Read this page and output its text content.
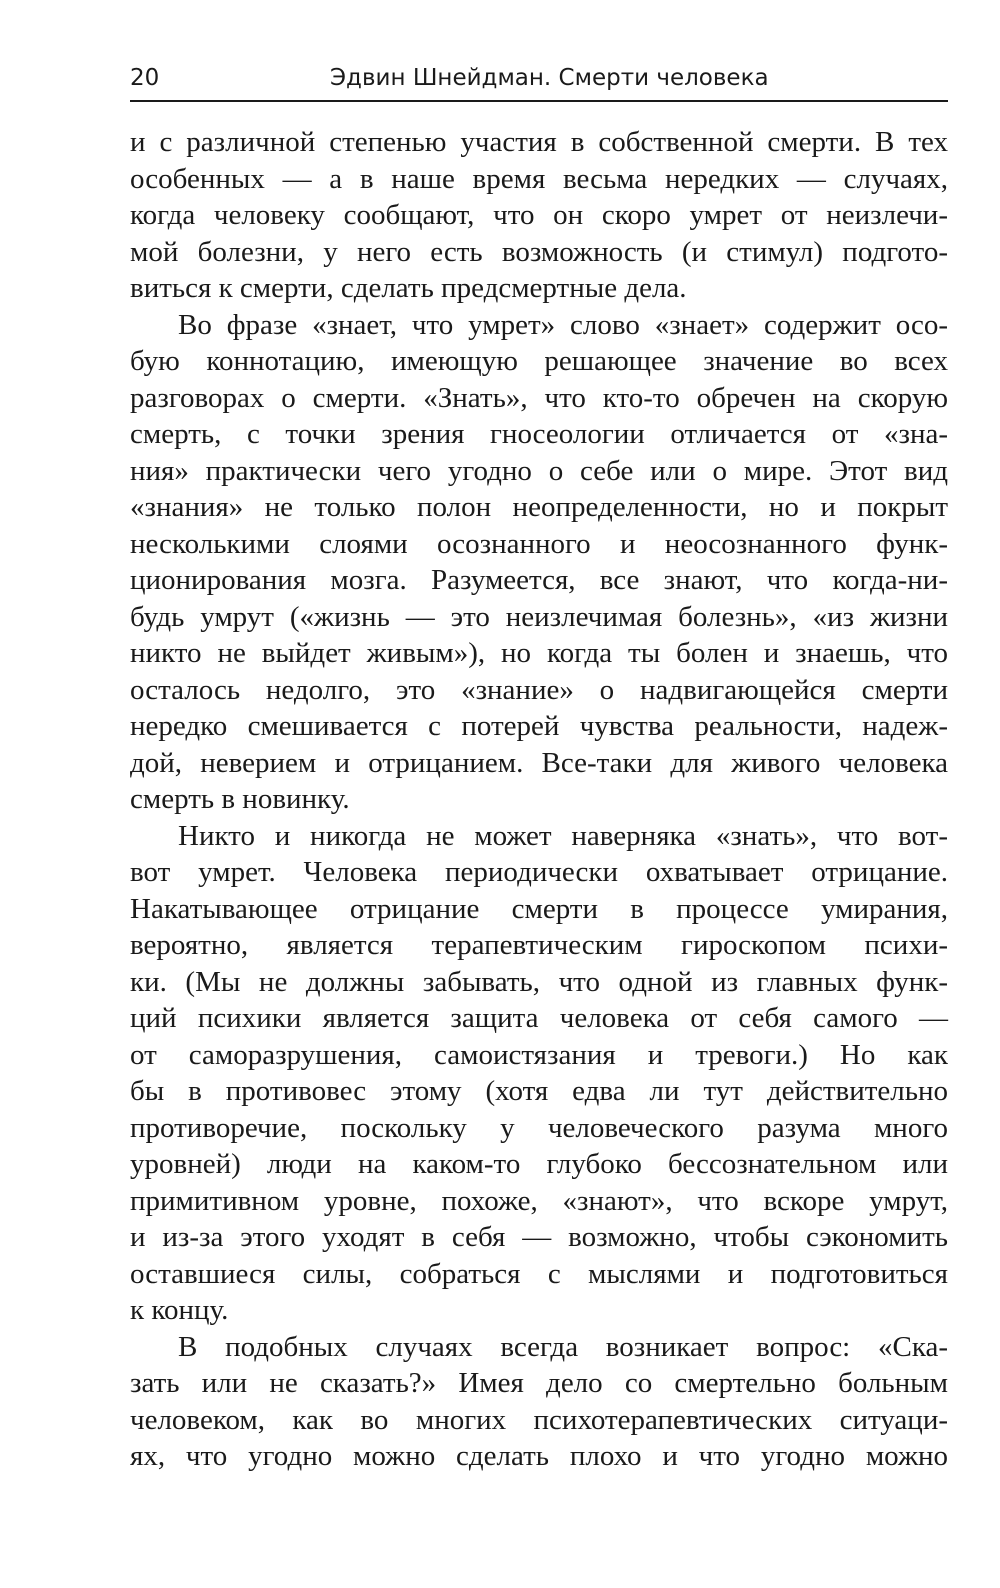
20	Эдвин Шнейдман. Смерти человека
и с различной степенью участия в собственной смерти. В тех
особенных — а в наше время весьма нередких — случаях,
когда человеку сообщают, что он скоро умрет от неизлечи-
мой болезни, у него есть возможность (и стимул) подгото-
виться к смерти, сделать предсмертные дела.
Во фразе «знает, что умрет» слово «знает» содержит осо-
бую коннотацию, имеющую решающее значение во всех
разговорах о смерти. «Знать», что кто-то обречен на скорую
смерть, с точки зрения гносеологии отличается от «зна-
ния» практически чего угодно о себе или о мире. Этот вид
«знания» не только полон неопределенности, но и покрыт
несколькими слоями осознанного и неосознанного функ-
ционирования мозга. Разумеется, все знают, что когда-ни-
будь умрут («жизнь — это неизлечимая болезнь», «из жизни
никто не выйдет живым»), но когда ты болен и знаешь, что
осталось недолго, это «знание» о надвигающейся смерти
нередко смешивается с потерей чувства реальности, надеж-
дой, неверием и отрицанием. Все-таки для живого человека
смерть в новинку.
Никто и никогда не может наверняка «знать», что вот-
вот умрет. Человека периодически охватывает отрицание.
Накатывающее отрицание смерти в процессе умирания,
вероятно, является терапевтическим гироскопом психи-
ки. (Мы не должны забывать, что одной из главных функ-
ций психики является защита человека от себя самого —
от саморазрушения, самоистязания и тревоги.) Но как
бы в противовес этому (хотя едва ли тут действительно
противоречие, поскольку у человеческого разума много
уровней) люди на каком-то глубоко бессознательном или
примитивном уровне, похоже, «знают», что вскоре умрут,
и из-за этого уходят в себя — возможно, чтобы сэкономить
оставшиеся силы, собраться с мыслями и подготовиться
к концу.
В подобных случаях всегда возникает вопрос: «Ска-
зать или не сказать?» Имея дело со смертельно больным
человеком, как во многих психотерапевтических ситуаци-
ях, что угодно можно сделать плохо и что угодно можно
